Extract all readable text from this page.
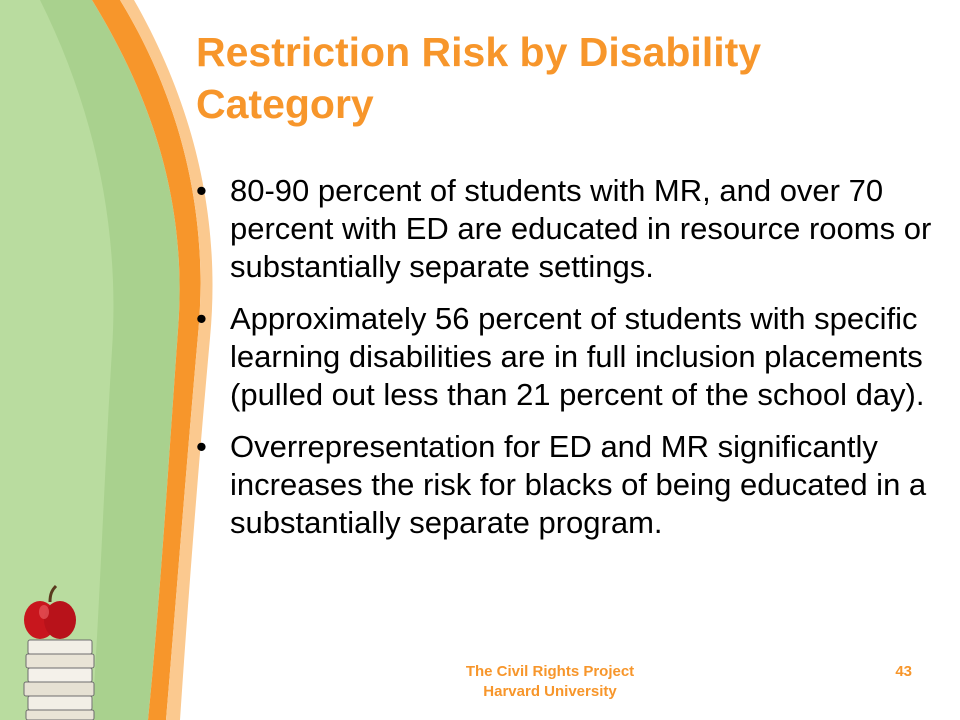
Restriction Risk by Disability Category
• 80-90 percent of students with MR, and over 70 percent with ED are educated in resource rooms or substantially separate settings.
• Approximately 56 percent of students with specific learning disabilities are in full inclusion placements (pulled out less than 21 percent of the school day).
• Overrepresentation for ED and MR significantly increases the risk for blacks of being educated in a substantially separate program.
The Civil Rights Project
Harvard University
43
